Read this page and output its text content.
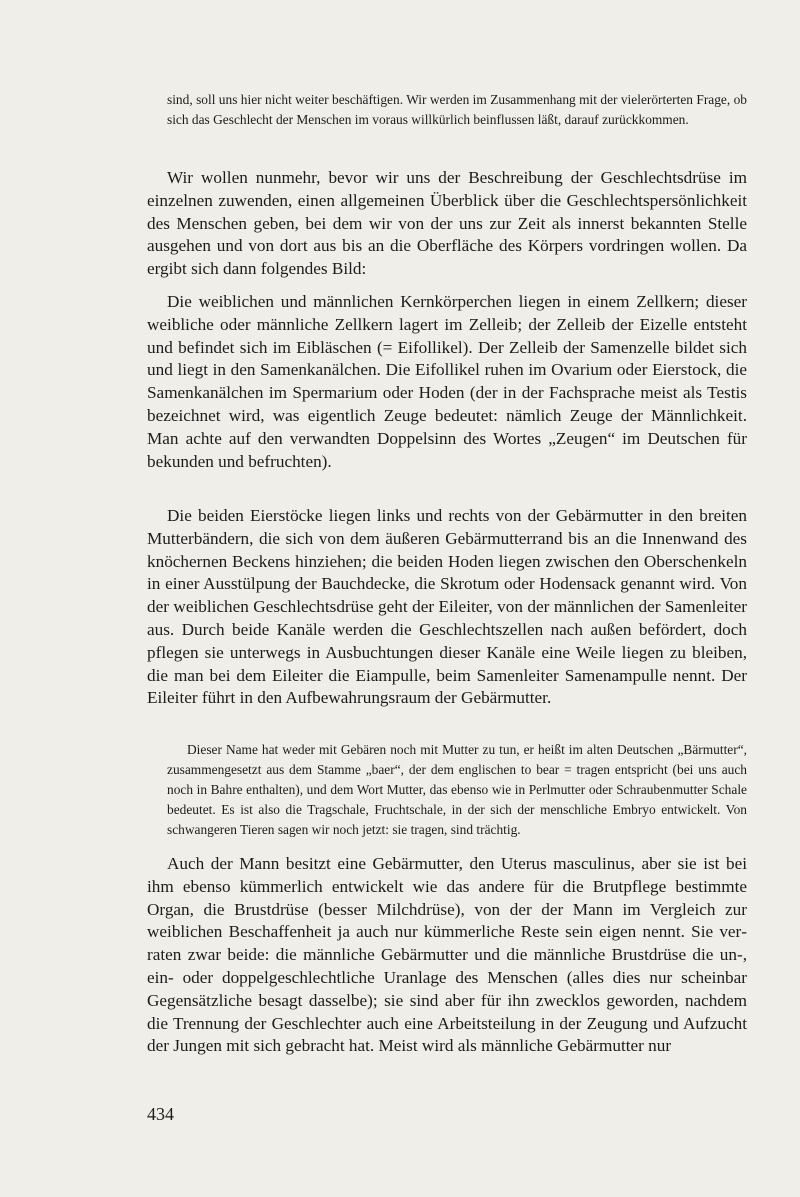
sind, soll uns hier nicht weiter beschäftigen. Wir werden im Zusammenhang mit der vielerörterten Frage, ob sich das Geschlecht der Menschen im voraus willkürlich beinflussen läßt, darauf zurückkommen.

Wir wollen nunmehr, bevor wir uns der Beschreibung der Geschlechtsdrüse im einzelnen zuwenden, einen allgemeinen Überblick über die Geschlechtspersönlichkeit des Menschen geben, bei dem wir von der uns zur Zeit als innerst bekannten Stelle ausgehen und von dort aus bis an die Oberfläche des Körpers vordringen wollen. Da ergibt sich dann folgendes Bild:

Die weiblichen und männlichen Kernkörperchen liegen in einem Zellkern; dieser weibliche oder männliche Zellkern lagert im Zelleib; der Zelleib der Eizelle entsteht und befindet sich im Eibläschen (= Eifollikel). Der Zelleib der Samenzelle bildet sich und liegt in den Samenkanälchen. Die Eifollikel ruhen im Ovarium oder Eierstock, die Samenkanälchen im Spermarium oder Hoden (der in der Fachsprache meist als Testis bezeichnet wird, was eigentlich Zeuge bedeutet: nämlich Zeuge der Männlichkeit. Man achte auf den verwandten Doppelsinn des Wortes „Zeugen“ im Deutschen für bekunden und befruchten).

Die beiden Eierstöcke liegen links und rechts von der Gebärmutter in den breiten Mutterbändern, die sich von dem äußeren Gebärmutterrand bis an die Innenwand des knöchernen Beckens hinziehen; die beiden Hoden liegen zwischen den Oberschenkeln in einer Ausstülpung der Bauchdecke, die Skrotum oder Hodensack genannt wird. Von der weiblichen Geschlechtsdrüse geht der Eileiter, von der männlichen der Samenleiter aus. Durch beide Kanäle werden die Geschlechtszellen nach außen befördert, doch pflegen sie unterwegs in Ausbuchtungen dieser Kanäle eine Weile liegen zu bleiben, die man bei dem Eileiter die Eiampulle, beim Samenleiter Samenampulle nennt. Der Eileiter führt in den Aufbewahrungsraum der Gebärmutter.

Dieser Name hat weder mit Gebären noch mit Mutter zu tun, er heißt im alten Deutschen „Bärmutter“, zusammengesetzt aus dem Stamme „baer“, der dem englischen to bear = tragen entspricht (bei uns auch noch in Bahre enthalten), und dem Wort Mutter, das ebenso wie in Perlmutter oder Schraubenmutter Schale bedeutet. Es ist also die Tragschale, Fruchtschale, in der sich der menschliche Embryo entwickelt. Von schwangeren Tieren sagen wir noch jetzt: sie tragen, sind trächtig.

Auch der Mann besitzt eine Gebärmutter, den Uterus masculinus, aber sie ist bei ihm ebenso kümmerlich entwickelt wie das andere für die Brutpflege bestimmte Organ, die Brustdrüse (besser Milchdrüse), von der der Mann im Vergleich zur weiblichen Beschaffenheit ja auch nur kümmerliche Reste sein eigen nennt. Sie verraten zwar beide: die männliche Gebärmutter und die männliche Brustdrüse die un-, ein- oder doppelgeschlechtliche Uranlage des Menschen (alles dies nur scheinbar Gegensätzliche besagt dasselbe); sie sind aber für ihn zwecklos geworden, nachdem die Trennung der Geschlechter auch eine Arbeitsteilung in der Zeugung und Aufzucht der Jungen mit sich gebracht hat. Meist wird als männliche Gebärmutter nur

434
